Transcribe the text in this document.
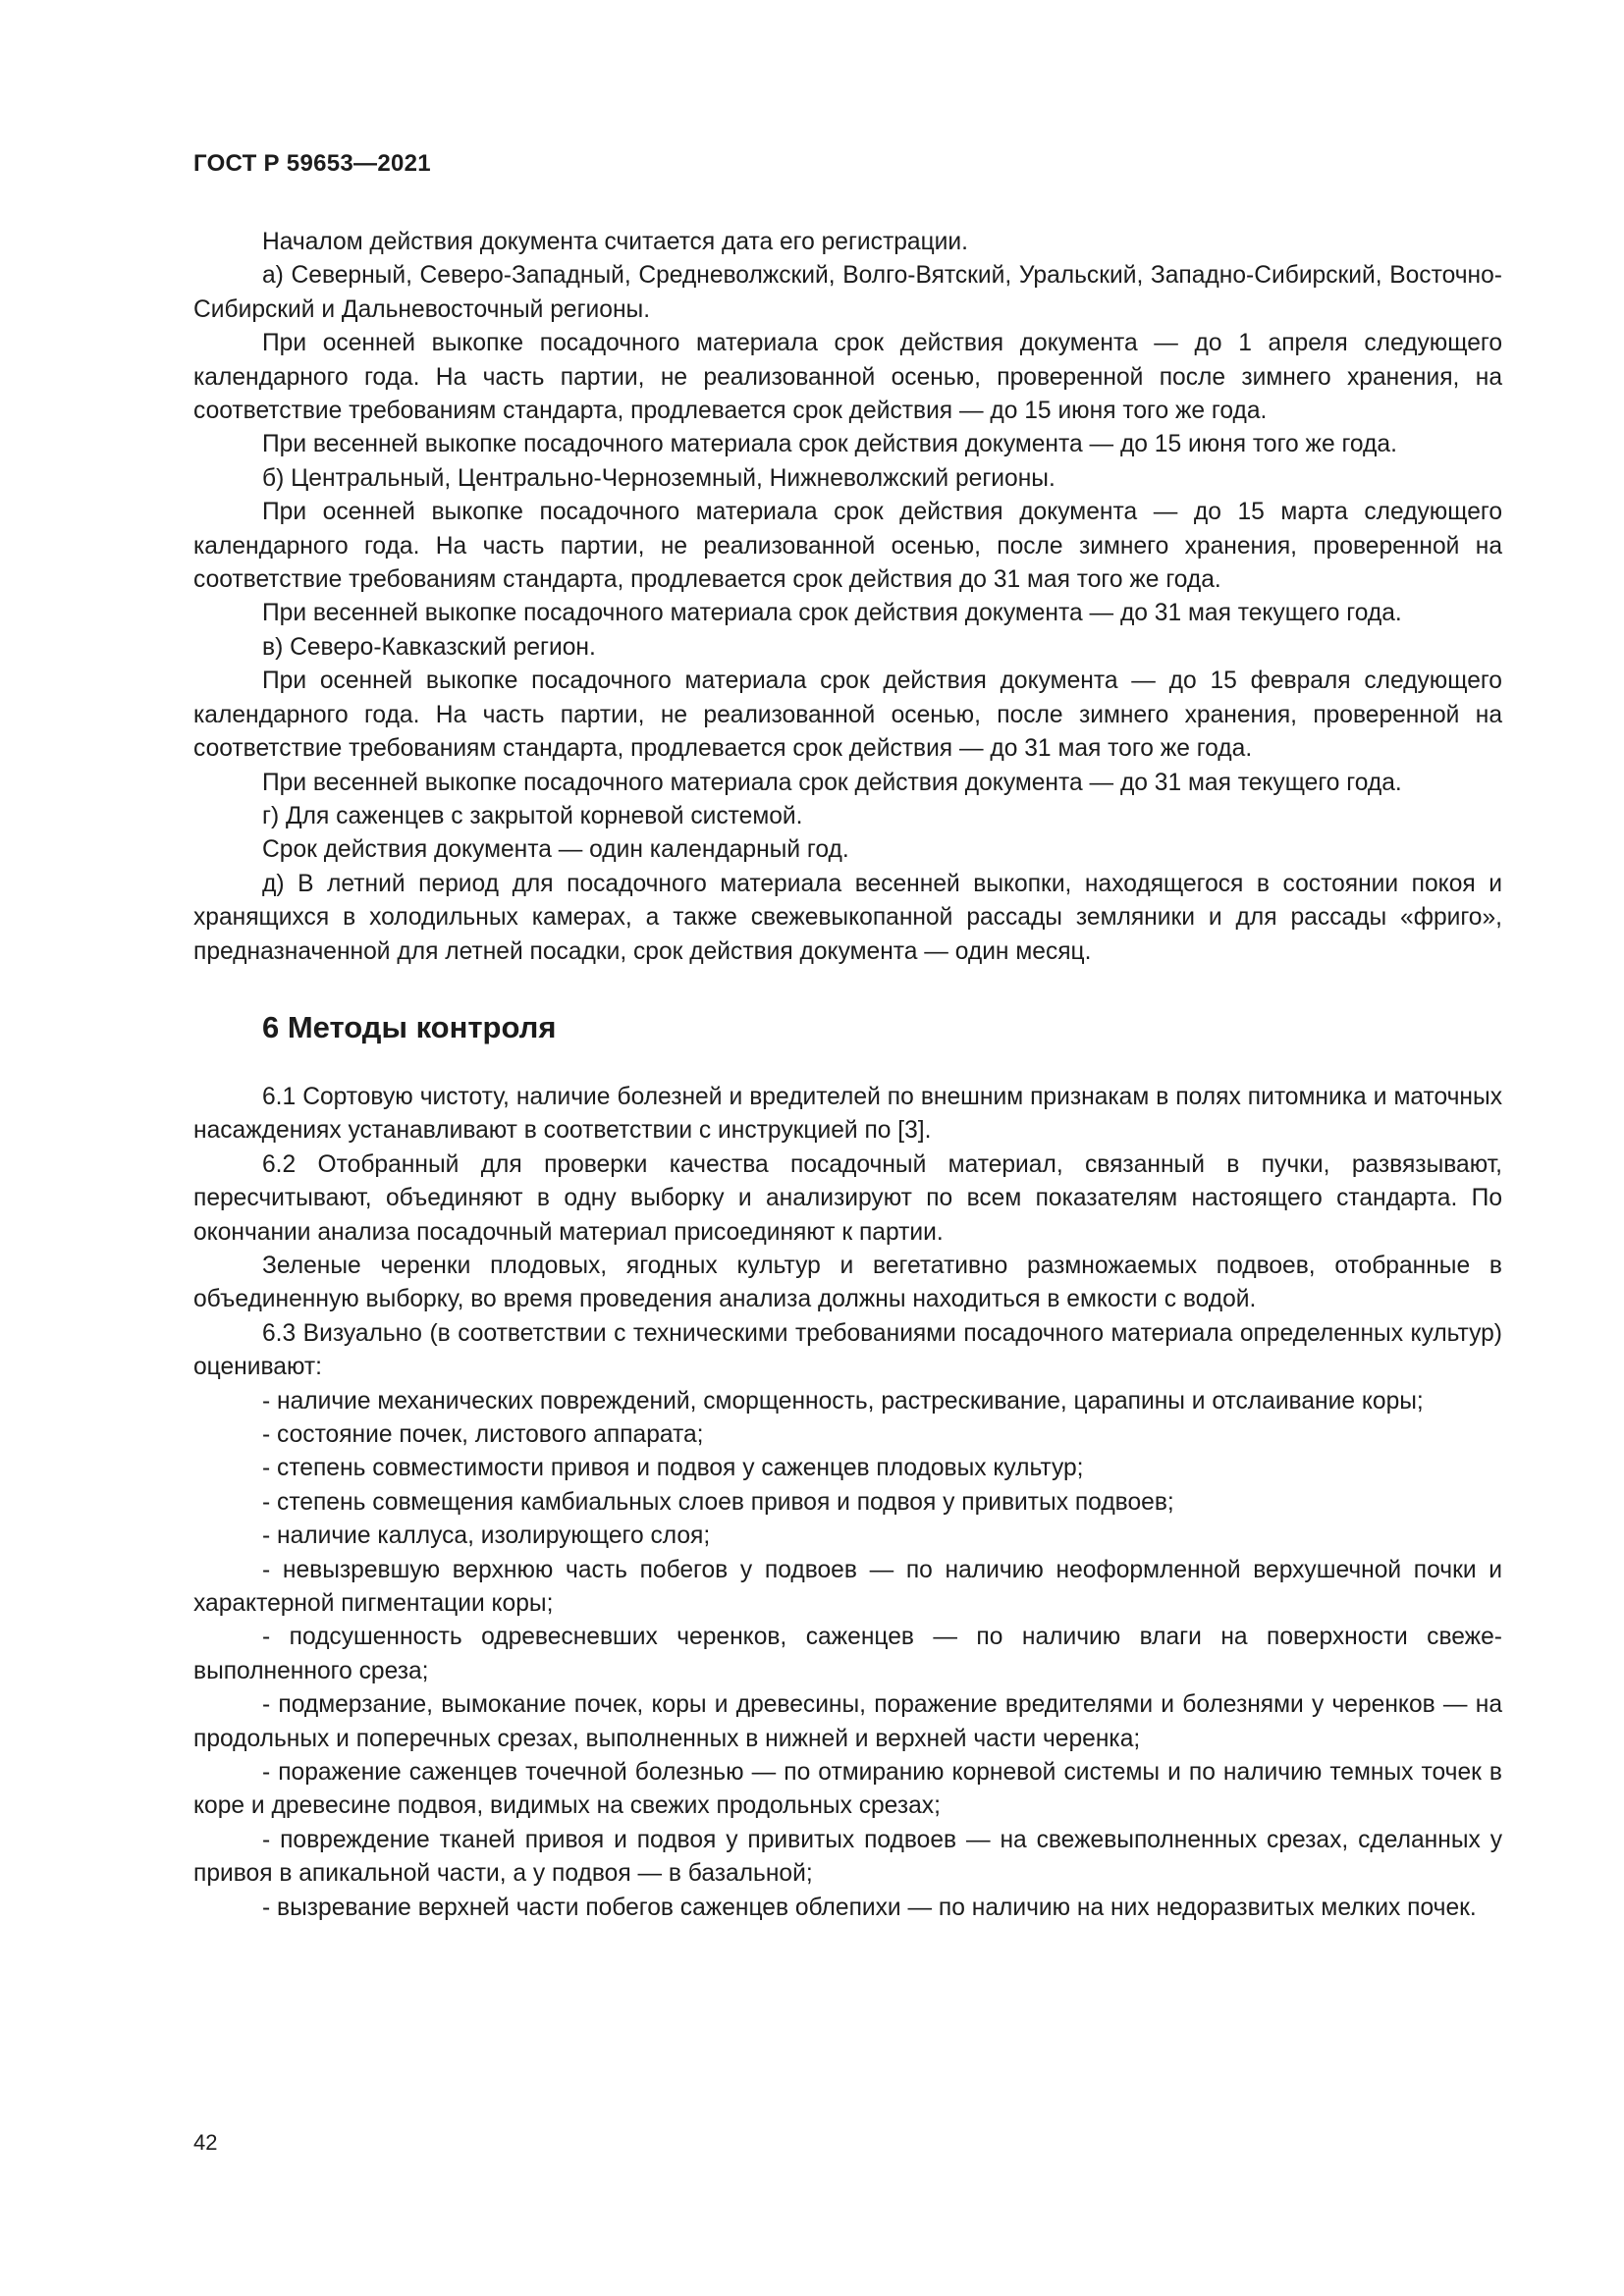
ГОСТ Р 59653—2021

Началом действия документа считается дата его регистрации.

а) Северный, Северо-Западный, Средневолжский, Волго-Вятский, Уральский, Западно-Сибирский, Восточно-Сибирский и Дальневосточный регионы.

При осенней выкопке посадочного материала срок действия документа — до 1 апреля следующего календарного года. На часть партии, не реализованной осенью, проверенной после зимнего хранения, на соответствие требованиям стандарта, продлевается срок действия — до 15 июня того же года.

При весенней выкопке посадочного материала срок действия документа — до 15 июня того же года.

б) Центральный, Центрально-Черноземный, Нижневолжский регионы.

При осенней выкопке посадочного материала срок действия документа — до 15 марта следующего календарного года. На часть партии, не реализованной осенью, после зимнего хранения, проверенной на соответствие требованиям стандарта, продлевается срок действия до 31 мая того же года.

При весенней выкопке посадочного материала срок действия документа — до 31 мая текущего года.

в) Северо-Кавказский регион.

При осенней выкопке посадочного материала срок действия документа — до 15 февраля следующего календарного года. На часть партии, не реализованной осенью, после зимнего хранения, проверенной на соответствие требованиям стандарта, продлевается срок действия — до 31 мая того же года.

При весенней выкопке посадочного материала срок действия документа — до 31 мая текущего года.

г) Для саженцев с закрытой корневой системой.

Срок действия документа — один календарный год.

д) В летний период для посадочного материала весенней выкопки, находящегося в состоянии покоя и хранящихся в холодильных камерах, а также свежевыкопанной рассады земляники и для рассады «фриго», предназначенной для летней посадки, срок действия документа — один месяц.

6 Методы контроля

6.1 Сортовую чистоту, наличие болезней и вредителей по внешним признакам в полях питомника и маточных насаждениях устанавливают в соответствии с инструкцией по [3].

6.2 Отобранный для проверки качества посадочный материал, связанный в пучки, развязывают, пересчитывают, объединяют в одну выборку и анализируют по всем показателям настоящего стандарта. По окончании анализа посадочный материал присоединяют к партии.

Зеленые черенки плодовых, ягодных культур и вегетативно размножаемых подвоев, отобранные в объединенную выборку, во время проведения анализа должны находиться в емкости с водой.

6.3 Визуально (в соответствии с техническими требованиями посадочного материала определенных культур) оценивают:

- наличие механических повреждений, сморщенность, растрескивание, царапины и отслаивание коры;

- состояние почек, листового аппарата;

- степень совместимости привоя и подвоя у саженцев плодовых культур;

- степень совмещения камбиальных слоев привоя и подвоя у привитых подвоев;

- наличие каллуса, изолирующего слоя;

- невызревшую верхнюю часть побегов у подвоев — по наличию неоформленной верхушечной почки и характерной пигментации коры;

- подсушенность одревесневших черенков, саженцев — по наличию влаги на поверхности свежевыполненного среза;

- подмерзание, вымокание почек, коры и древесины, поражение вредителями и болезнями у черенков — на продольных и поперечных срезах, выполненных в нижней и верхней части черенка;

- поражение саженцев точечной болезнью — по отмиранию корневой системы и по наличию темных точек в коре и древесине подвоя, видимых на свежих продольных срезах;

- повреждение тканей привоя и подвоя у привитых подвоев — на свежевыполненных срезах, сделанных у привоя в апикальной части, а у подвоя — в базальной;

- вызревание верхней части побегов саженцев облепихи — по наличию на них недоразвитых мелких почек.

42
